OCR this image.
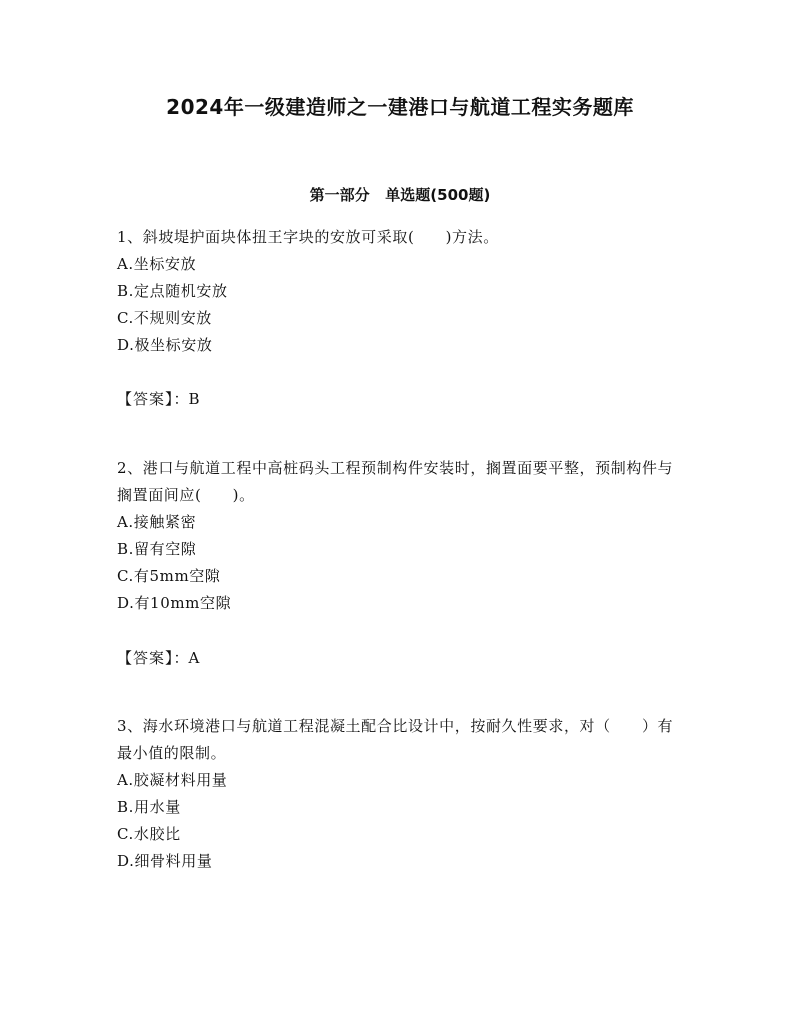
2024年一级建造师之一建港口与航道工程实务题库
第一部分   单选题(500题)

1、斜坡堤护面块体扭王字块的安放可采取(　　)方法。

A.坐标安放

B.定点随机安放

C.不规则安放

D.极坐标安放

【答案】：B

2、港口与航道工程中高桩码头工程预制构件安装时，搁置面要平整，预制构件与搁置面间应(　　)。

A.接触紧密

B.留有空隙

C.有5mm空隙

D.有10mm空隙

【答案】：A

3、海水环境港口与航道工程混凝土配合比设计中，按耐久性要求，对（　　）有最小值的限制。

A.胶凝材料用量

B.用水量

C.水胶比

D.细骨料用量
